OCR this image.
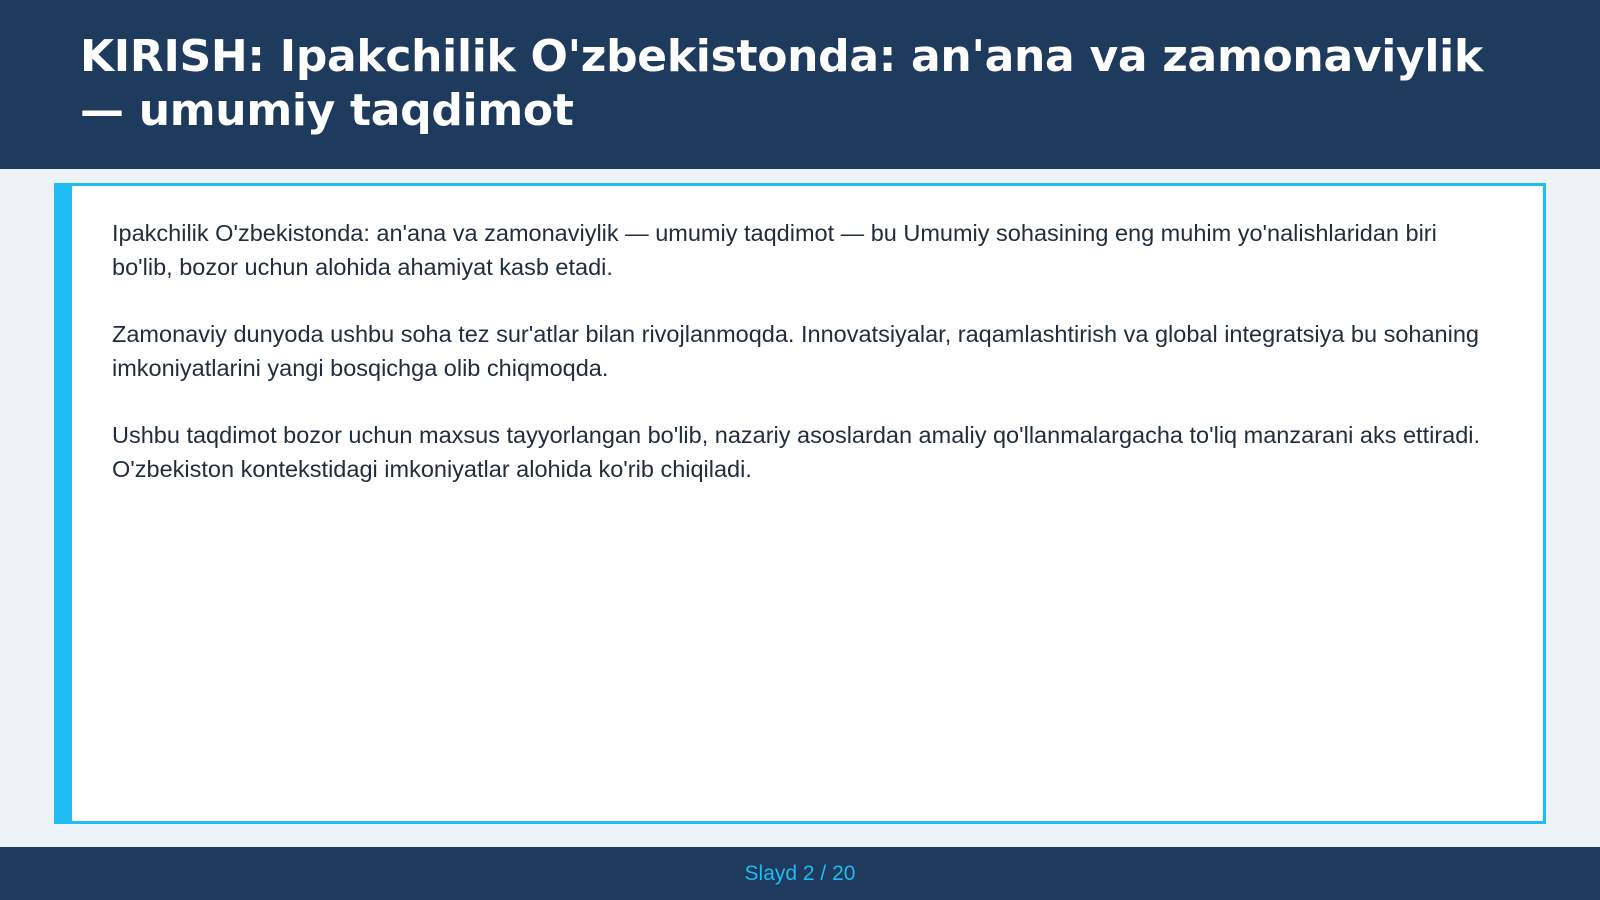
KIRISH: Ipakchilik O'zbekistonda: an'ana va zamonaviylik — umumiy taqdimot

Ipakchilik O'zbekistonda: an'ana va zamonaviylik — umumiy taqdimot — bu Umumiy sohasining eng muhim yo'nalishlaridan biri bo'lib, bozor uchun alohida ahamiyat kasb etadi.

Zamonaviy dunyoda ushbu soha tez sur'atlar bilan rivojlanmoqda. Innovatsiyalar, raqamlashtirish va global integratsiya bu sohaning imkoniyatlarini yangi bosqichga olib chiqmoqda.

Ushbu taqdimot bozor uchun maxsus tayyorlangan bo'lib, nazariy asoslardan amaliy qo'llanmalargacha to'liq manzarani aks ettiradi. O'zbekiston kontekstidagi imkoniyatlar alohida ko'rib chiqiladi.

Slayd 2 / 20
